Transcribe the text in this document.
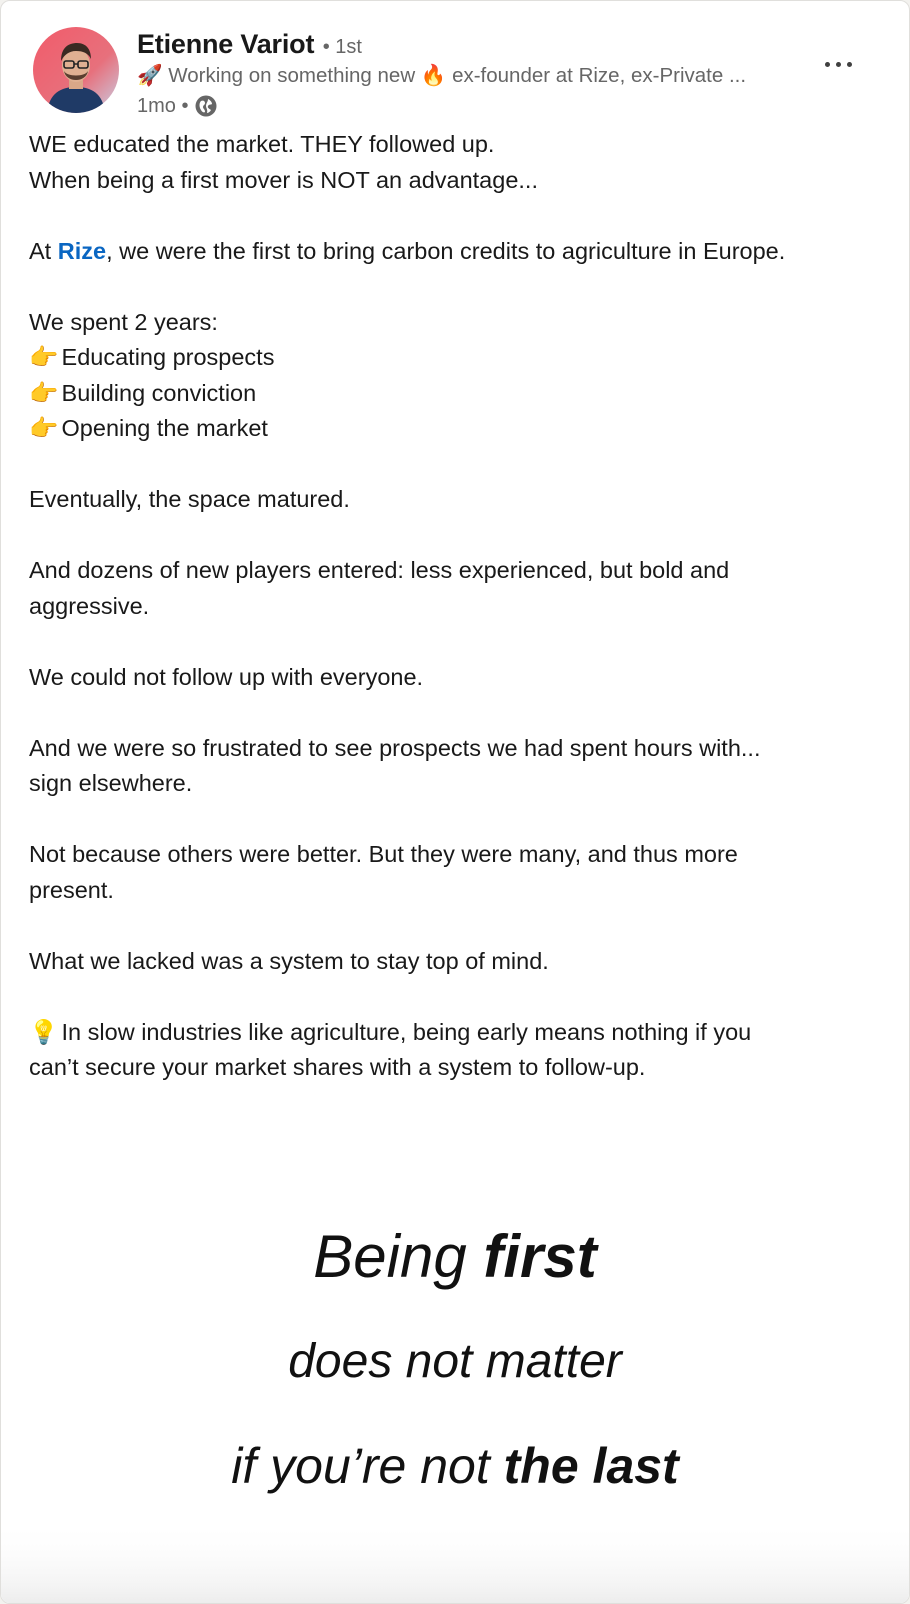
Etienne Variot • 1st
🚀 Working on something new 🔥 ex-founder at Rize, ex-Private ...
1mo •

WE educated the market. THEY followed up.

When being a first mover is NOT an advantage...

At Rize, we were the first to bring carbon credits to agriculture in Europe.

We spent 2 years:

👉 Educating prospects

👉 Building conviction

👉 Opening the market

Eventually, the space matured.

And dozens of new players entered: less experienced, but bold and

aggressive.

We could not follow up with everyone.

And we were so frustrated to see prospects we had spent hours with...

sign elsewhere.

Not because others were better. But they were many, and thus more

present.

What we lacked was a system to stay top of mind.

💡 In slow industries like agriculture, being early means nothing if you

can’t secure your market shares with a system to follow-up.

Being first
does not matter
if you’re not the last
